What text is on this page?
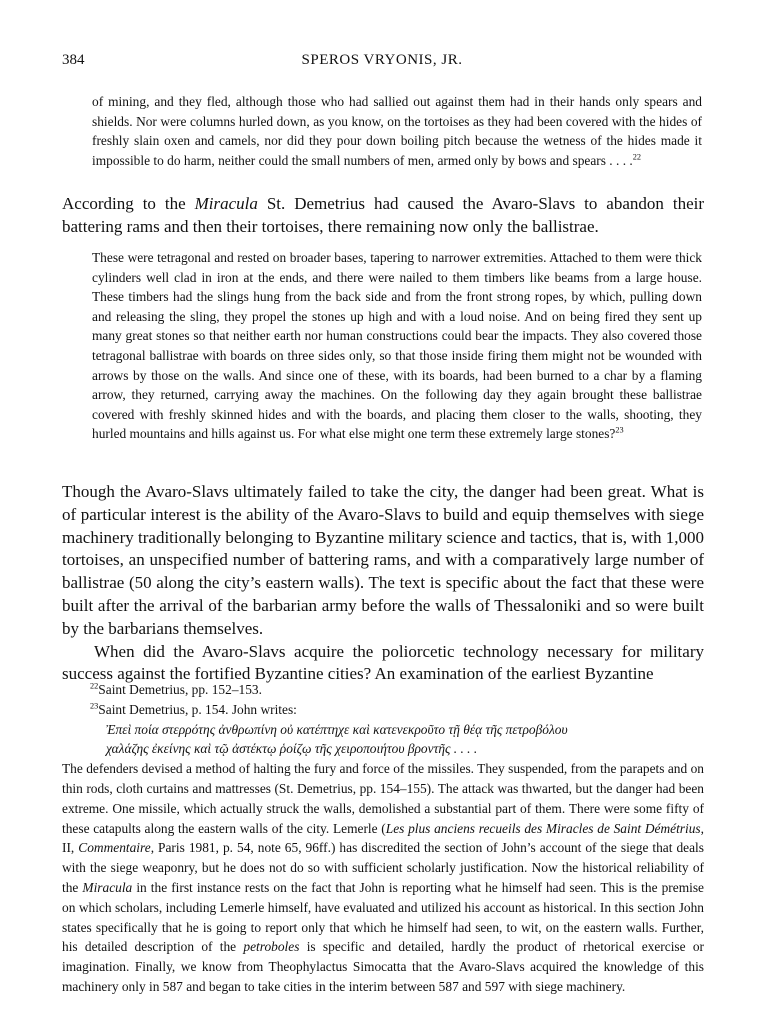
384	SPEROS VRYONIS, JR.

of mining, and they fled, although those who had sallied out against them had in their hands only spears and shields. Nor were columns hurled down, as you know, on the tortoises as they had been covered with the hides of freshly slain oxen and camels, nor did they pour down boiling pitch because the wetness of the hides made it impossible to do harm, neither could the small numbers of men, armed only by bows and spears . . . .$^{22}$

According to the Miracula St. Demetrius had caused the Avaro-Slavs to abandon their battering rams and then their tortoises, there remaining now only the ballistrae.

These were tetragonal and rested on broader bases, tapering to narrower extremities. Attached to them were thick cylinders well clad in iron at the ends, and there were nailed to them timbers like beams from a large house. These timbers had the slings hung from the back side and from the front strong ropes, by which, pulling down and releasing the sling, they propel the stones up high and with a loud noise. And on being fired they sent up many great stones so that neither earth nor human constructions could bear the impacts. They also covered those tetragonal ballistrae with boards on three sides only, so that those inside firing them might not be wounded with arrows by those on the walls. And since one of these, with its boards, had been burned to a char by a flaming arrow, they returned, carrying away the machines. On the following day they again brought these ballistrae covered with freshly skinned hides and with the boards, and placing them closer to the walls, shooting, they hurled mountains and hills against us. For what else might one term these extremely large stones?$^{23}$

Though the Avaro-Slavs ultimately failed to take the city, the danger had been great. What is of particular interest is the ability of the Avaro-Slavs to build and equip themselves with siege machinery traditionally belonging to Byzantine military science and tactics, that is, with 1,000 tortoises, an unspecified number of battering rams, and with a comparatively large number of ballistrae (50 along the city’s eastern walls). The text is specific about the fact that these were built after the arrival of the barbarian army before the walls of Thessaloniki and so were built by the barbarians themselves.

When did the Avaro-Slavs acquire the poliorcetic technology necessary for military success against the fortified Byzantine cities? An examination of the earliest Byzantine

$^{22}$Saint Demetrius, pp. 152–153.

$^{23}$Saint Demetrius, p. 154. John writes:

Ἐπεὶ ποία στερρότης ἀνθρωπίνη οὐ κατέπτηχε καὶ κατενεκροῦτο τῇ θέᾳ τῆς πετροβόλου

χαλάζης ἐκείνης καὶ τῷ ἀστέκτῳ ῥοίζῳ τῆς χειροποιήτου βροντῆς . . . .

The defenders devised a method of halting the fury and force of the missiles. They suspended, from the parapets and on thin rods, cloth curtains and mattresses (St. Demetrius, pp. 154–155). The attack was thwarted, but the danger had been extreme. One missile, which actually struck the walls, demolished a substantial part of them. There were some fifty of these catapults along the eastern walls of the city. Lemerle (Les plus anciens recueils des Miracles de Saint Démétrius, II, Commentaire, Paris 1981, p. 54, note 65, 96ff.) has discredited the section of John’s account of the siege that deals with the siege weaponry, but he does not do so with sufficient scholarly justification. Now the historical reliability of the Miracula in the first instance rests on the fact that John is reporting what he himself had seen. This is the premise on which scholars, including Lemerle himself, have evaluated and utilized his account as historical. In this section John states specifically that he is going to report only that which he himself had seen, to wit, on the eastern walls. Further, his detailed description of the petroboles is specific and detailed, hardly the product of rhetorical exercise or imagination. Finally, we know from Theophylactus Simocatta that the Avaro-Slavs acquired the knowledge of this machinery only in 587 and began to take cities in the interim between 587 and 597 with siege machinery.
